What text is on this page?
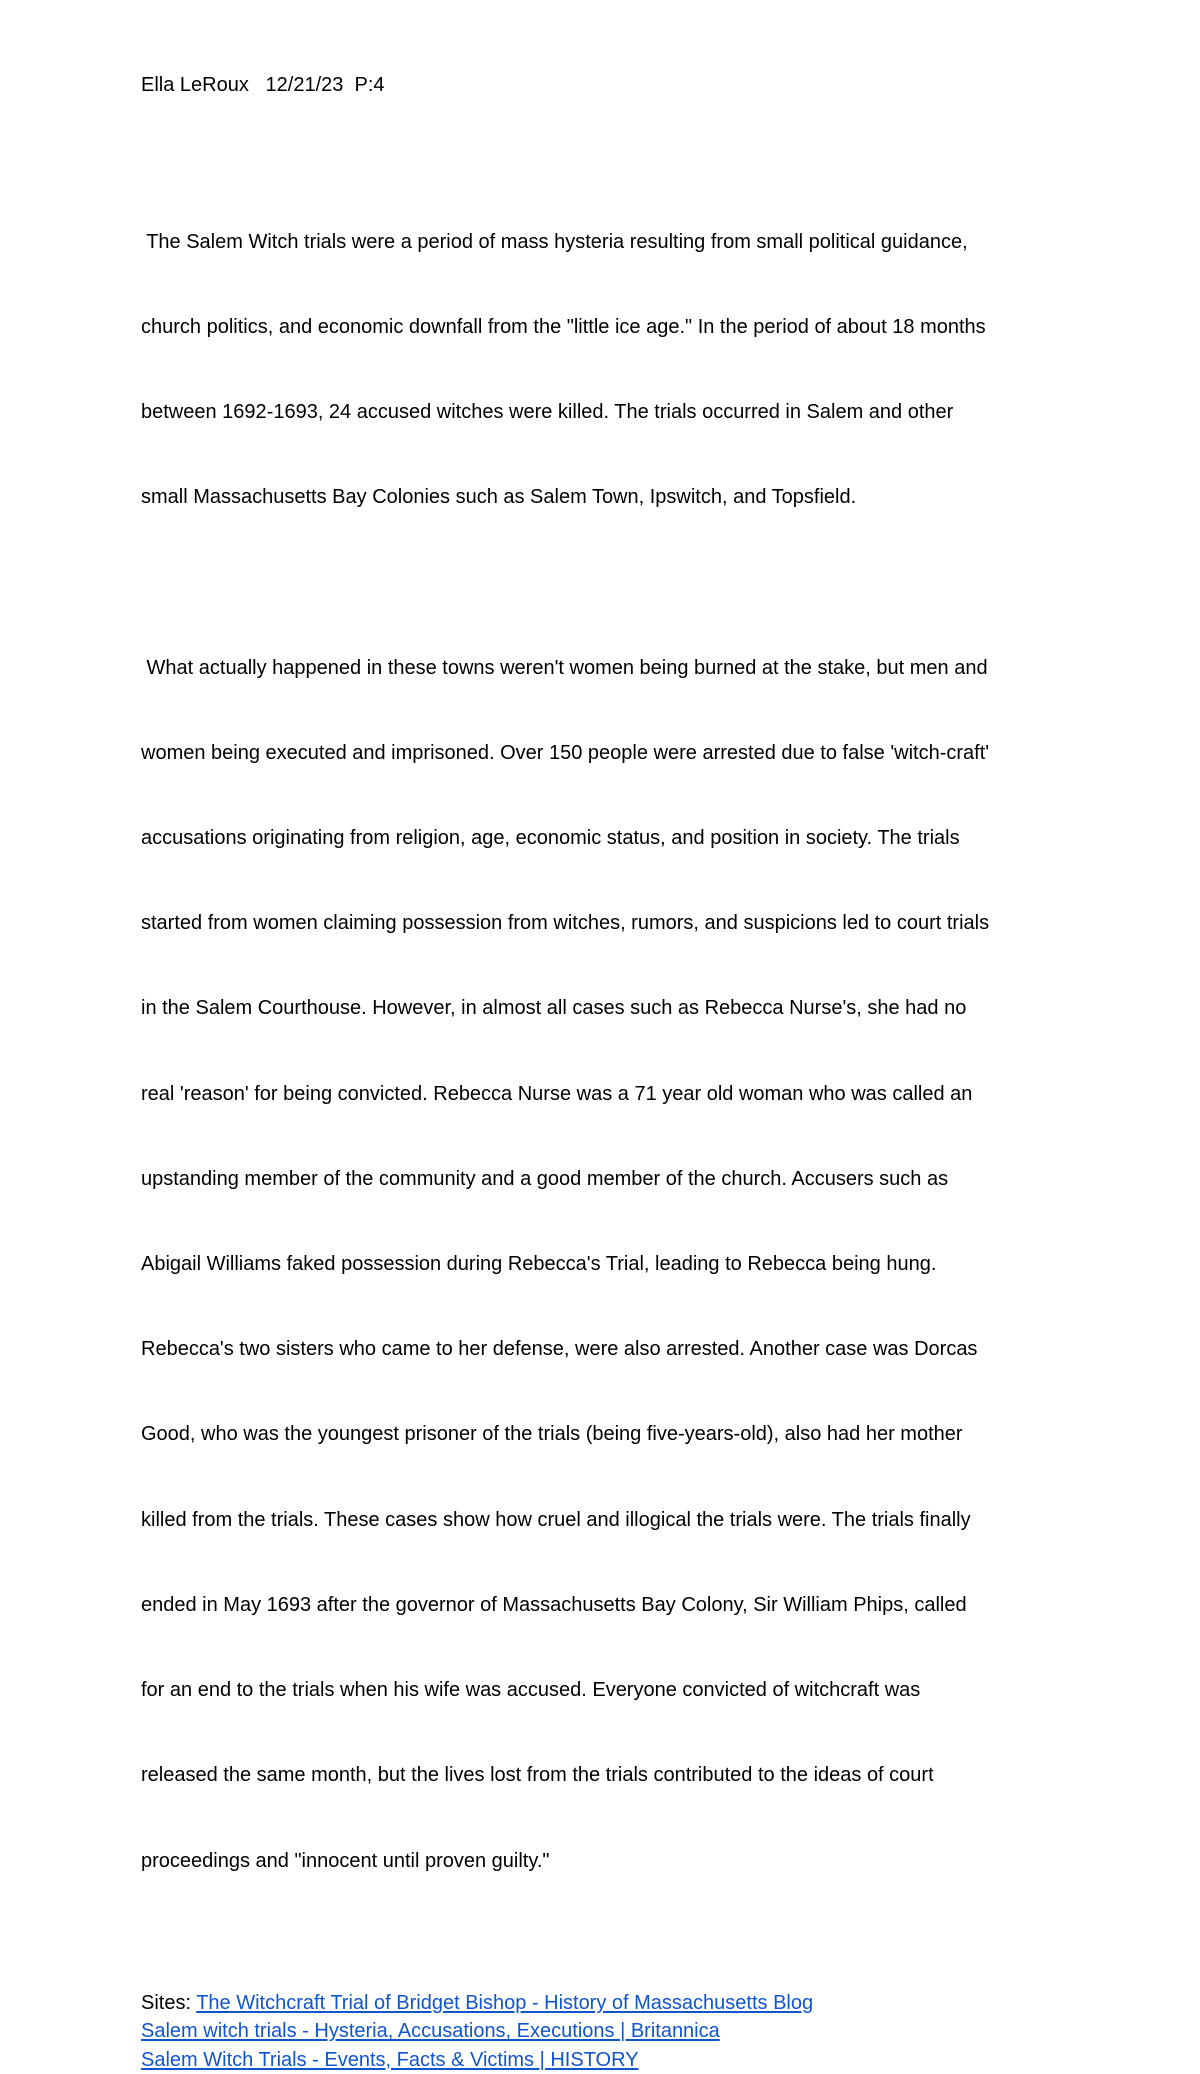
Ella LeRoux 12/21/23 P:4

The Salem Witch trials were a period of mass hysteria resulting from small political guidance,

church politics, and economic downfall from the "little ice age." In the period of about 18 months

between 1692-1693, 24 accused witches were killed. The trials occurred in Salem and other

small Massachusetts Bay Colonies such as Salem Town, Ipswitch, and Topsfield.

What actually happened in these towns weren't women being burned at the stake, but men and

women being executed and imprisoned. Over 150 people were arrested due to false 'witch-craft'

accusations originating from religion, age, economic status, and position in society. The trials

started from women claiming possession from witches, rumors, and suspicions led to court trials

in the Salem Courthouse. However, in almost all cases such as Rebecca Nurse's, she had no

real 'reason' for being convicted. Rebecca Nurse was a 71 year old woman who was called an

upstanding member of the community and a good member of the church. Accusers such as

Abigail Williams faked possession during Rebecca's Trial, leading to Rebecca being hung.

Rebecca's two sisters who came to her defense, were also arrested. Another case was Dorcas

Good, who was the youngest prisoner of the trials (being five-years-old), also had her mother

killed from the trials. These cases show how cruel and illogical the trials were. The trials finally

ended in May 1693 after the governor of Massachusetts Bay Colony, Sir William Phips, called

for an end to the trials when his wife was accused. Everyone convicted of witchcraft was

released the same month, but the lives lost from the trials contributed to the ideas of court

proceedings and "innocent until proven guilty."

Sites: The Witchcraft Trial of Bridget Bishop - History of Massachusetts Blog
Salem witch trials - Hysteria, Accusations, Executions | Britannica
Salem Witch Trials - Events, Facts & Victims | HISTORY
